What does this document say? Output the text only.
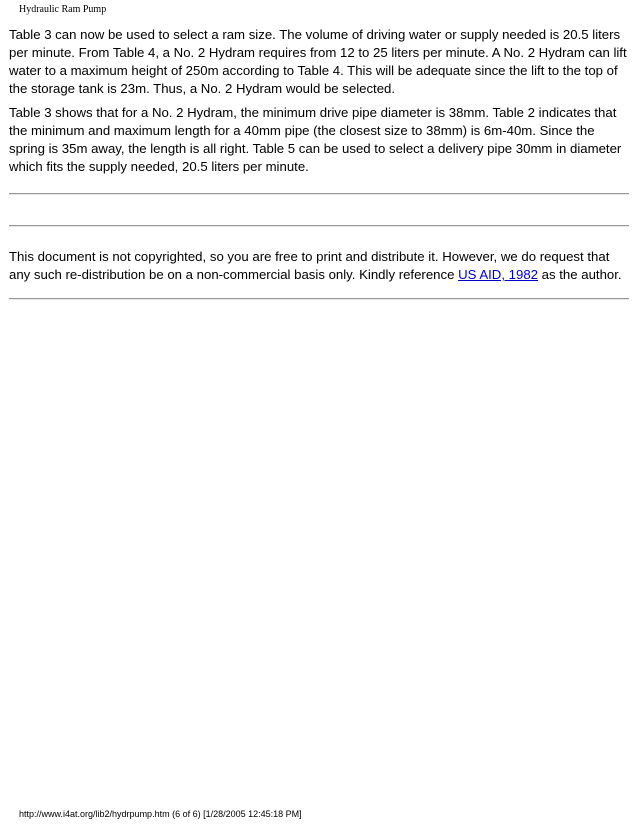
Hydraulic Ram Pump

Table 3 can now be used to select a ram size. The volume of driving water or supply needed is 20.5 liters per minute. From Table 4, a No. 2 Hydram requires from 12 to 25 liters per minute. A No. 2 Hydram can lift water to a maximum height of 250m according to Table 4. This will be adequate since the lift to the top of the storage tank is 23m. Thus, a No. 2 Hydram would be selected.

Table 3 shows that for a No. 2 Hydram, the minimum drive pipe diameter is 38mm. Table 2 indicates that the minimum and maximum length for a 40mm pipe (the closest size to 38mm) is 6m-40m. Since the spring is 35m away, the length is all right. Table 5 can be used to select a delivery pipe 30mm in diameter which fits the supply needed, 20.5 liters per minute.

This document is not copyrighted, so you are free to print and distribute it. However, we do request that any such re-distribution be on a non-commercial basis only. Kindly reference US AID, 1982 as the author.

http://www.i4at.org/lib2/hydrpump.htm (6 of 6) [1/28/2005 12:45:18 PM]
